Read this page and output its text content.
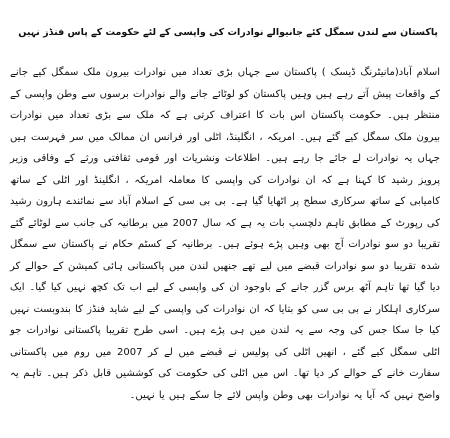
پاکستان سے لندن سمگل کئے جانیوالے نوادرات کی واپسی کے لئے حکومت کے پاس فنڈز نہیں

اسلام آباد(مانیٹرنگ ڈیسک ) پاکستان سے جہاں بڑی تعداد میں نوادرات بیرون ملک سمگل کیے جانے کے واقعات پیش آتے رہے ہیں وہیں پاکستان کو لوٹائے جانے والے نوادرات برسوں سے وطن واپسی کے منتظر ہیں۔ حکومت پاکستان اس بات کا اعتراف کرتی ہے کہ ملک سے بڑی تعداد میں نوادرات بیرون ملک سمگل کیے گئے ہیں۔ امریکہ ، انگلینڈ، اٹلی اور فرانس ان ممالک میں سر فہرست ہیں جہاں یہ نوادرات لے جائے جا رہے ہیں۔ اطلاعات ونشریات اور قومی ثقافتی ورثے کے وفاقی وزیر پرویز رشید کا کہنا ہے کہ ان نوادرات کی واپسی کا معاملہ امریکہ ، انگلینڈ اور اٹلی کے ساتھ کامیابی کے ساتھ سرکاری سطح پر اٹھایا گیا ہے۔ بی بی سی کے اسلام آباد سے نمائندے ہارون رشید کی رپورٹ کے مطابق تاہم دلچسپ بات یہ ہے کہ سال 2007 میں برطانیہ کی جانب سے لوٹائے گئے تقریبا دو سو نوادرات آج بھی وہیں پڑے ہوئے ہیں۔ برطانیہ کے کسٹم حکام نے پاکستان سے سمگل شدہ تقریبا دو سو نوادرات قبضے میں لیے تھے جنھیں لندن میں پاکستانی ہائی کمیشن کے حوالے کر دیا گیا تھا تاہم آٹھ برس گزر جانے کے باوجود ان کی واپسی کے لیے اب تک کچھ نہیں کیا گیا۔ ایک سرکاری اہلکار نے بی بی سی کو بتایا کہ ان نوادرات کی واپسی کے لیے شاید فنڈز کا بندوبست نہیں کیا جا سکا جس کی وجہ سے یہ لندن میں ہی پڑے ہیں۔ اسی طرح تقریبا پاکستانی نوادرات جو اٹلی سمگل کیے گئے ، انھیں اٹلی کی پولیس نے قبضے میں لے کر 2007 میں روم میں پاکستانی سفارت خانے کے حوالے کر دیا تھا۔ اس میں اٹلی کی حکومت کی کوششیں قابل ذکر ہیں۔ تاہم یہ واضح نہیں کہ آیا یہ نوادرات بھی وطن واپس لائے جا سکے ہیں یا نہیں۔
